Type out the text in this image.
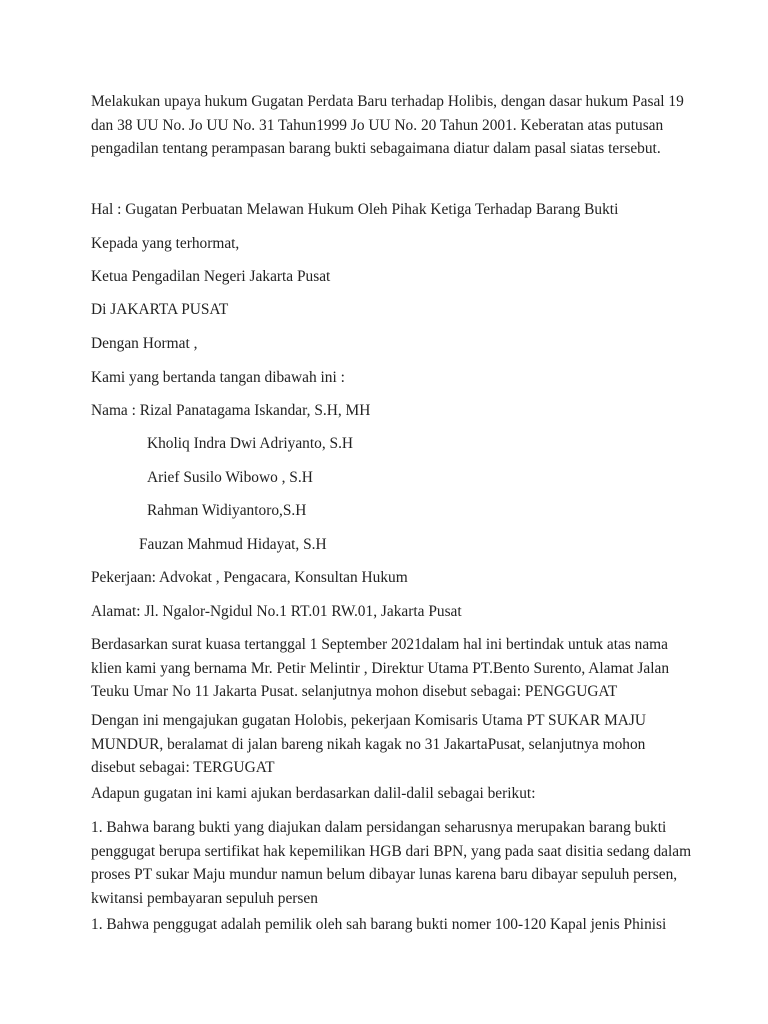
Melakukan upaya hukum Gugatan Perdata Baru terhadap Holibis, dengan dasar hukum Pasal 19
dan 38 UU No. Jo UU No. 31 Tahun1999 Jo UU No. 20 Tahun 2001. Keberatan atas putusan
pengadilan tentang perampasan barang bukti sebagaimana diatur dalam pasal siatas tersebut.
Hal : Gugatan Perbuatan Melawan Hukum Oleh Pihak Ketiga Terhadap Barang Bukti
Kepada yang terhormat,
Ketua Pengadilan Negeri Jakarta Pusat
Di JAKARTA PUSAT
Dengan Hormat ,
Kami yang bertanda tangan dibawah ini :
Nama : Rizal Panatagama Iskandar, S.H, MH
Kholiq Indra Dwi Adriyanto, S.H
Arief Susilo Wibowo , S.H
Rahman Widiyantoro,S.H
Fauzan Mahmud Hidayat, S.H
Pekerjaan: Advokat , Pengacara, Konsultan Hukum
Alamat: Jl. Ngalor-Ngidul No.1 RT.01 RW.01, Jakarta Pusat
Berdasarkan surat kuasa tertanggal 1 September 2021dalam hal ini bertindak untuk atas nama
klien kami yang bernama Mr. Petir Melintir , Direktur Utama PT.Bento Surento, Alamat Jalan
Teuku Umar No 11 Jakarta Pusat. selanjutnya mohon disebut sebagai: PENGGUGAT
Dengan ini mengajukan gugatan Holobis, pekerjaan Komisaris Utama PT SUKAR MAJU
MUNDUR, beralamat di jalan bareng nikah kagak no 31 JakartaPusat, selanjutnya mohon
disebut sebagai: TERGUGAT
Adapun gugatan ini kami ajukan berdasarkan dalil-dalil sebagai berikut:
1. Bahwa barang bukti yang diajukan dalam persidangan seharusnya merupakan barang bukti
penggugat berupa sertifikat hak kepemilikan HGB dari BPN, yang pada saat disitia sedang dalam
proses PT sukar Maju mundur namun belum dibayar lunas karena baru dibayar sepuluh persen,
kwitansi pembayaran sepuluh persen
1. Bahwa penggugat adalah pemilik oleh sah barang bukti nomer 100-120 Kapal jenis Phinisi
